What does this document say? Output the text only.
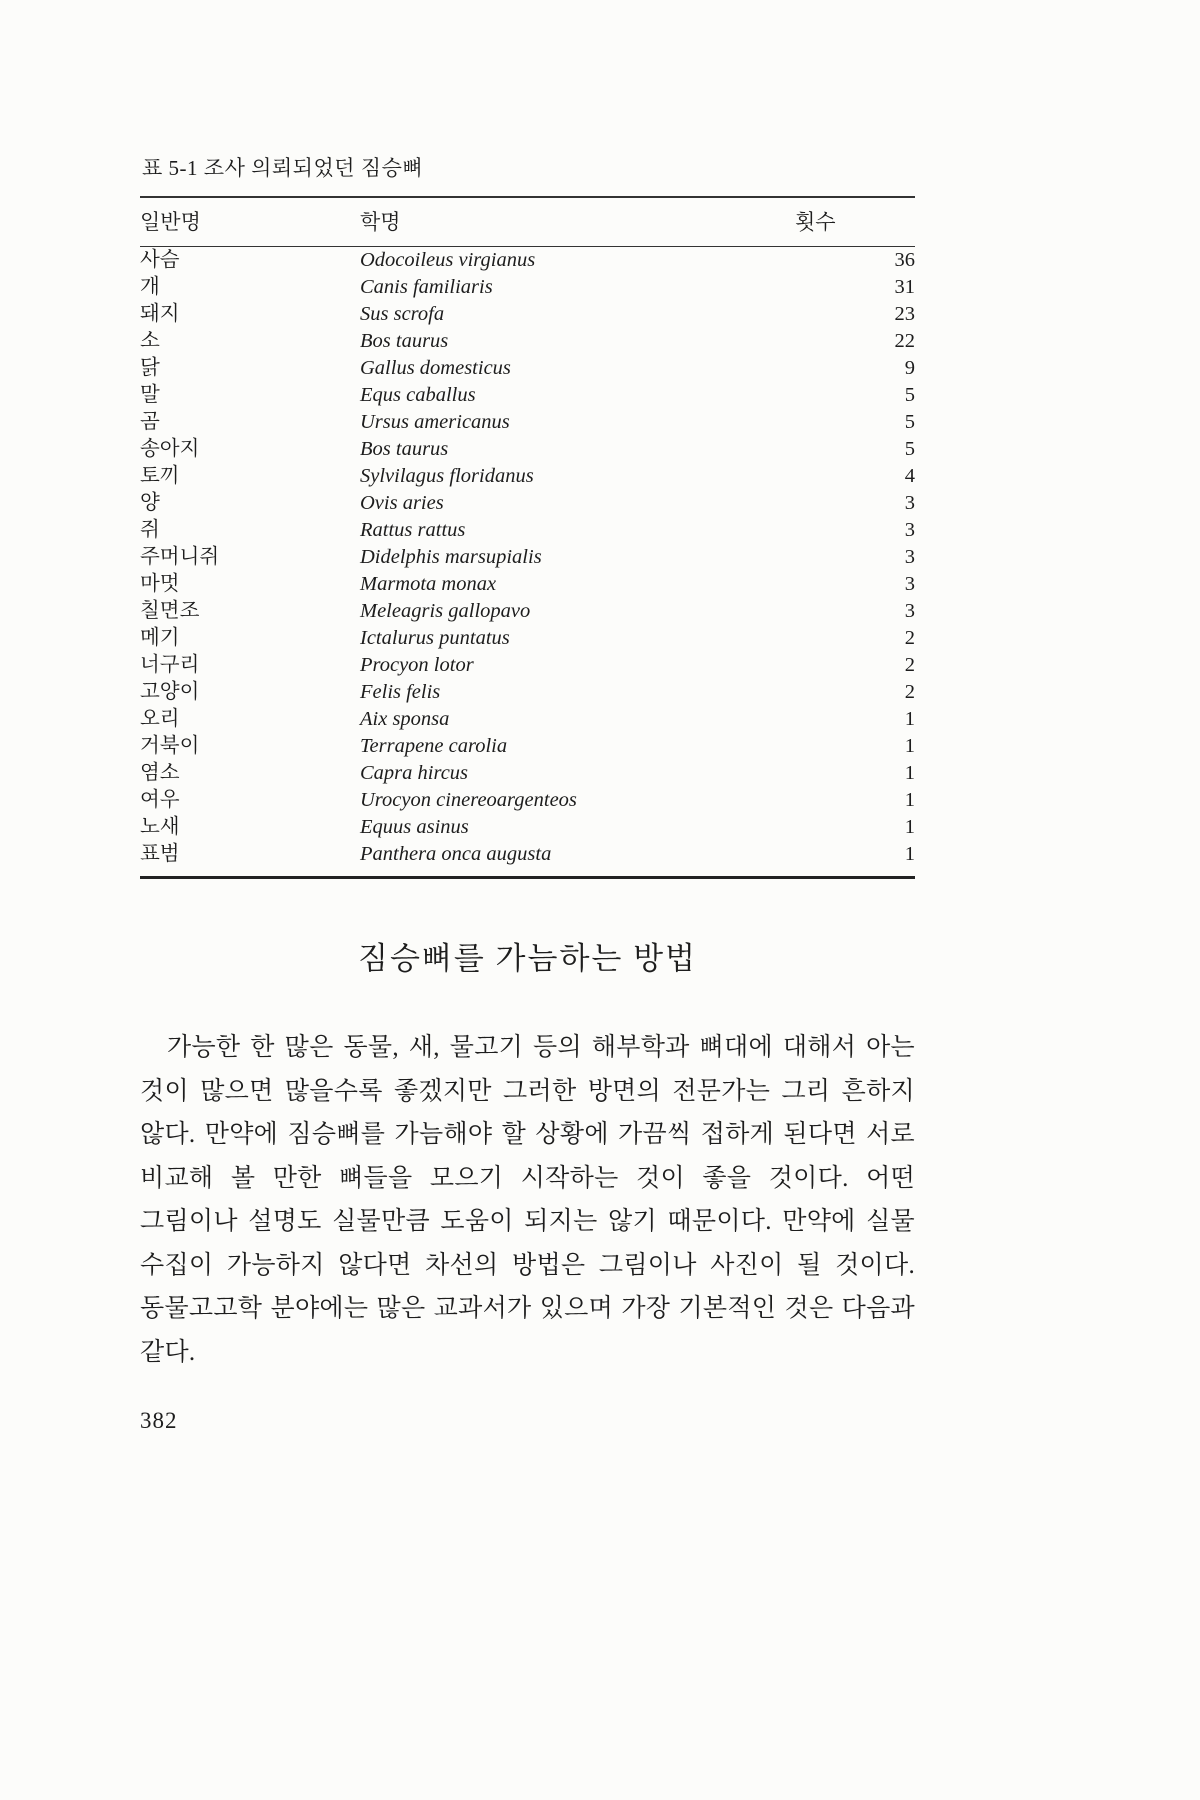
표 5-1 조사 의뢰되었던 짐승뼈
일반명	학명	횟수
사슴	Odocoileus virgianus	36
개	Canis familiaris	31
돼지	Sus scrofa	23
소	Bos taurus	22
닭	Gallus domesticus	9
말	Equs caballus	5
곰	Ursus americanus	5
송아지	Bos taurus	5
토끼	Sylvilagus floridanus	4
양	Ovis aries	3
쥐	Rattus rattus	3
주머니쥐	Didelphis marsupialis	3
마멋	Marmota monax	3
칠면조	Meleagris gallopavo	3
메기	Ictalurus puntatus	2
너구리	Procyon lotor	2
고양이	Felis felis	2
오리	Aix sponsa	1
거북이	Terrapene carolia	1
염소	Capra hircus	1
여우	Urocyon cinereoargenteos	1
노새	Equus asinus	1
표범	Panthera onca augusta	1
짐승뼈를 가늠하는 방법

가능한 한 많은 동물, 새, 물고기 등의 해부학과 뼈대에 대해서 아는 것이 많으면 많을수록 좋겠지만 그러한 방면의 전문가는 그리 흔하지 않다. 만약에 짐승뼈를 가늠해야 할 상황에 가끔씩 접하게 된다면 서로 비교해 볼 만한 뼈들을 모으기 시작하는 것이 좋을 것이다. 어떤 그림이나 설명도 실물만큼 도움이 되지는 않기 때문이다. 만약에 실물 수집이 가능하지 않다면 차선의 방법은 그림이나 사진이 될 것이다. 동물고고학 분야에는 많은 교과서가 있으며 가장 기본적인 것은 다음과 같다.

382
